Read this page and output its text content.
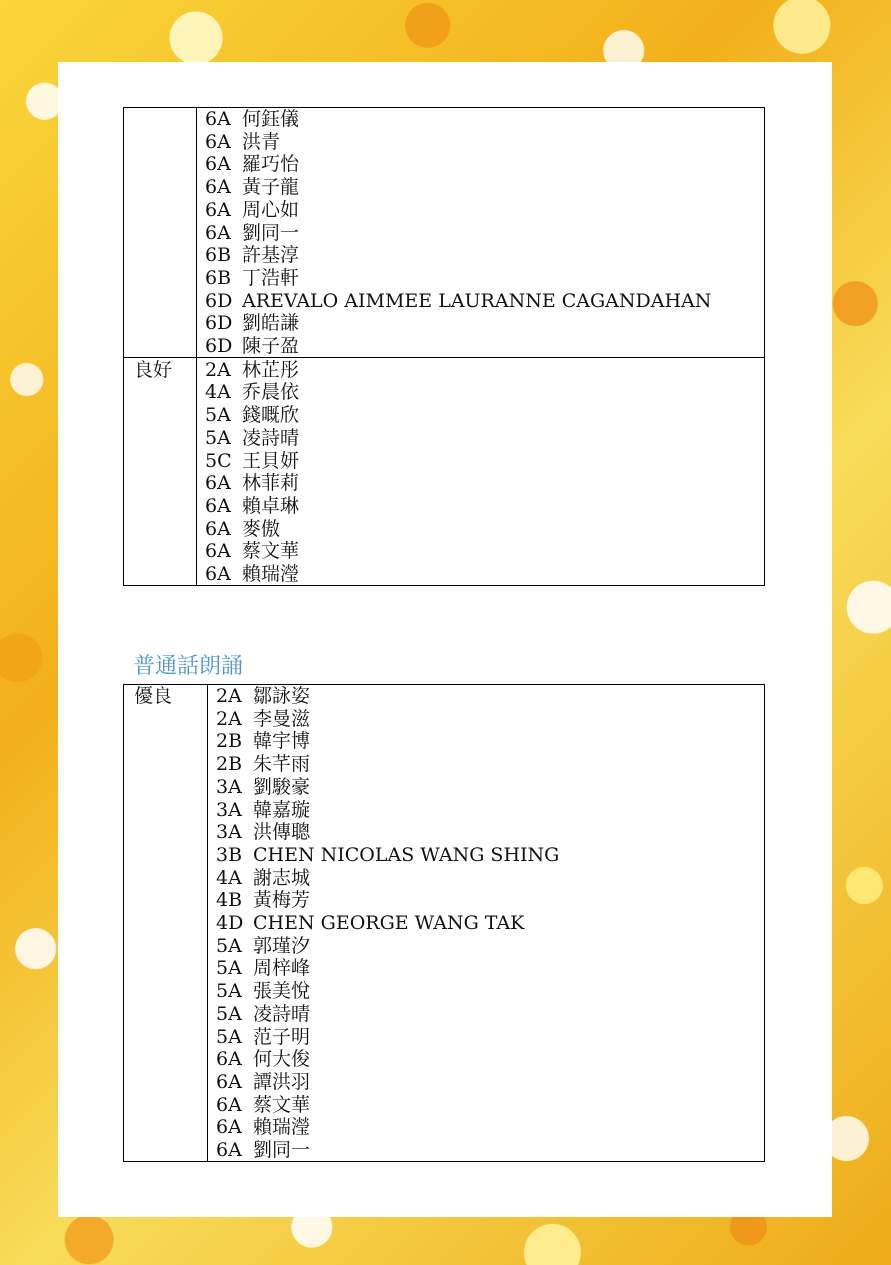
良好
6A 何鈺儀
6A 洪青
6A 羅巧怡
6A 黃子龍
6A 周心如
6A 劉同一
6B 許基淳
6B 丁浩軒
6D AREVALO AIMMEE LAURANNE CAGANDAHAN
6D 劉皓謙
6D 陳子盈
2A 林芷彤
4A 乔晨依
5A 錢嘅欣
5A 凌詩晴
5C 王貝妍
6A 林菲莉
6A 賴卓琳
6A 麥傲
6A 蔡文華
6A 賴瑞瀅
普通話朗誦
優良	2A 鄒詠姿
2A 李曼滋
2B 韓宇博
2B 朱芊雨
3A 劉駿豪
3A 韓嘉璇
3A 洪傳聰
3B CHEN NICOLAS WANG SHING
4A 謝志城
4B 黃梅芳
4D CHEN GEORGE WANG TAK
5A 郭瑾汐
5A 周梓峰
5A 張美悅
5A 凌詩晴
5A 范子明
6A 何大俊
6A 譚洪羽
6A 蔡文華
6A 賴瑞瀅
6A 劉同一
